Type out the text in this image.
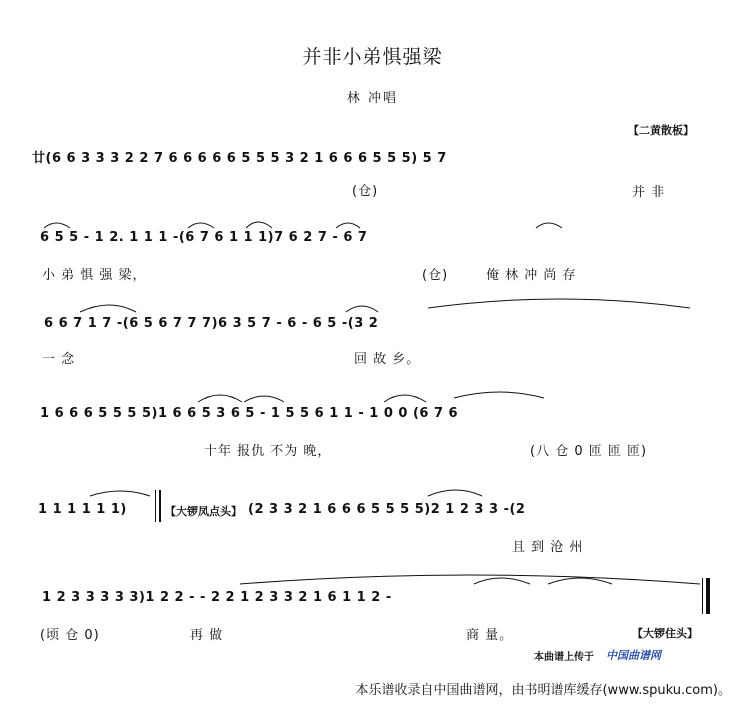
并非小弟惧强梁
林 冲唱
【二黄散板】
廿(6 6 3 3 3 2 2 7 6 6 6 6 6 5 5 5 3 2 1 6 6 6 5 5 5) 5 7
(仓)	并 非
6 5 5 - 1 2. 1 1 1 -(6 7 6 1 1 1)7 6 2 7 - 6 7
小 弟 惧 强 梁，	(仓)	俺 林 冲 尚 存
6 6 7 1 7 -(6 5 6 7 7 7)6 3 5 7 - 6 - 6 5 -(3 2
一 念	回 故 乡。
1 6 6 6 5 5 5 5)1 6 6 5 3 6 5 - 1 5 5 6 1 1 - 1 0 0 (6 7 6
十年 报仇 不为 晚，	(八 仓 0 匝 匝 匝)
1 1 1 1 1 1)	【大锣凤点头】 (2 3 3 2 1 6 6 6 5 5 5 5)2 1 2 3 3 -(2
且 到 沧 州
1 2 3 3 3 3 3)1 2 2 - - 2 2 1 2 3 3 2 1 6 1 1 2 -
(顷 仓 0)	再 做	商 量。	【大锣住头】
本曲谱上传于 中国曲谱网
本乐谱收录自中国曲谱网，由书明谱库缓存(www.spuku.com)。
